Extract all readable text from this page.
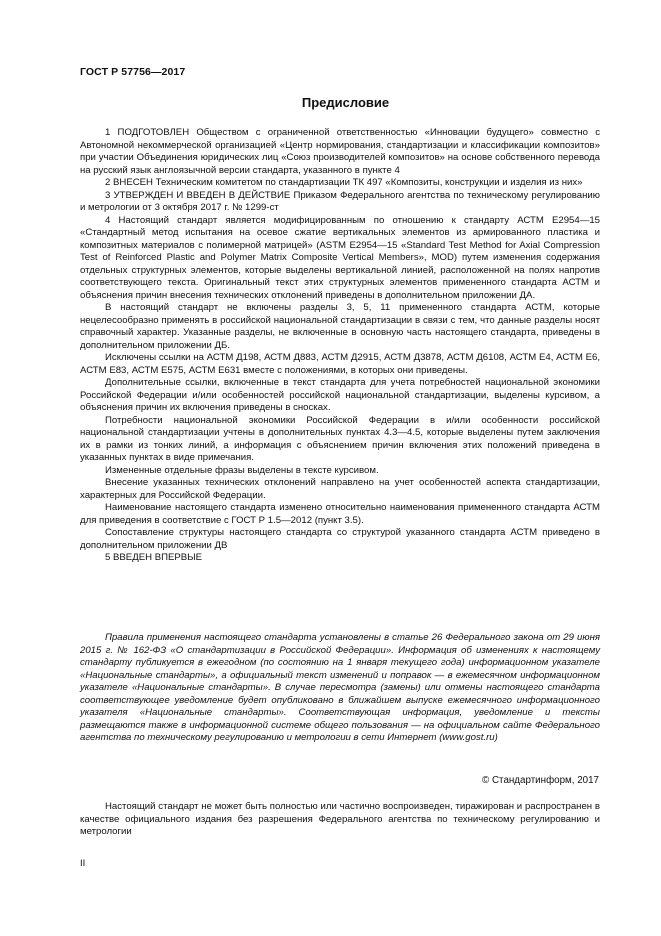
ГОСТ Р 57756—2017
Предисловие

1 ПОДГОТОВЛЕН Обществом с ограниченной ответственностью «Инновации будущего» совместно с Автономной некоммерческой организацией «Центр нормирования, стандартизации и классификации композитов» при участии Объединения юридических лиц «Союз производителей композитов» на основе собственного перевода на русский язык англоязычной версии стандарта, указанного в пункте 4

2 ВНЕСЕН Техническим комитетом по стандартизации ТК 497 «Композиты, конструкции и изделия из них»

3 УТВЕРЖДЕН И ВВЕДЕН В ДЕЙСТВИЕ Приказом Федерального агентства по техническому регулированию и метрологии от 3 октября 2017 г. № 1299-ст

4 Настоящий стандарт является модифицированным по отношению к стандарту АСТМ Е2954—15 «Стандартный метод испытания на осевое сжатие вертикальных элементов из армированного пластика и композитных материалов с полимерной матрицей» (ASTM E2954—15 «Standard Test Method for Axial Compression Test of Reinforced Plastic and Polymer Matrix Composite Vertical Members», MOD) путем изменения содержания отдельных структурных элементов, которые выделены вертикальной линией, расположенной на полях напротив соответствующего текста. Оригинальный текст этих структурных элементов примененного стандарта АСТМ и объяснения причин внесения технических отклонений приведены в дополнительном приложении ДА.

В настоящий стандарт не включены разделы 3, 5, 11 примененного стандарта АСТМ, которые нецелесообразно применять в российской национальной стандартизации в связи с тем, что данные разделы носят справочный характер. Указанные разделы, не включенные в основную часть настоящего стандарта, приведены в дополнительном приложении ДБ.

Исключены ссылки на АСТМ Д198, АСТМ Д883, АСТМ Д2915, АСТМ Д3878, АСТМ Д6108, АСТМ Е4, АСТМ Е6, АСТМ Е83, АСТМ Е575, АСТМ Е631 вместе с положениями, в которых они приведены.

Дополнительные ссылки, включенные в текст стандарта для учета потребностей национальной экономики Российской Федерации и/или особенностей российской национальной стандартизации, выделены курсивом, а объяснения причин их включения приведены в сносках.

Потребности национальной экономики Российской Федерации в и/или особенности российской национальной стандартизации учтены в дополнительных пунктах 4.3—4.5, которые выделены путем заключения их в рамки из тонких линий, а информация с объяснением причин включения этих положений приведена в указанных пунктах в виде примечания.

Измененные отдельные фразы выделены в тексте курсивом.

Внесение указанных технических отклонений направлено на учет особенностей аспекта стандартизации, характерных для Российской Федерации.

Наименование настоящего стандарта изменено относительно наименования примененного стандарта АСТМ для приведения в соответствие с ГОСТ Р 1.5—2012 (пункт 3.5).

Сопоставление структуры настоящего стандарта со структурой указанного стандарта АСТМ приведено в дополнительном приложении ДВ

5 ВВЕДЕН ВПЕРВЫЕ

Правила применения настоящего стандарта установлены в статье 26 Федерального закона от 29 июня 2015 г. № 162-ФЗ «О стандартизации в Российской Федерации». Информация об изменениях к настоящему стандарту публикуется в ежегодном (по состоянию на 1 января текущего года) информационном указателе «Национальные стандарты», а официальный текст изменений и поправок — в ежемесячном информационном указателе «Национальные стандарты». В случае пересмотра (замены) или отмены настоящего стандарта соответствующее уведомление будет опубликовано в ближайшем выпуске ежемесячного информационного указателя «Национальные стандарты». Соответствующая информация, уведомление и тексты размещаются также в информационной системе общего пользования — на официальном сайте Федерального агентства по техническому регулированию и метрологии в сети Интернет (www.gost.ru)

© Стандартинформ, 2017

Настоящий стандарт не может быть полностью или частично воспроизведен, тиражирован и распространен в качестве официального издания без разрешения Федерального агентства по техническому регулированию и метрологии

II
